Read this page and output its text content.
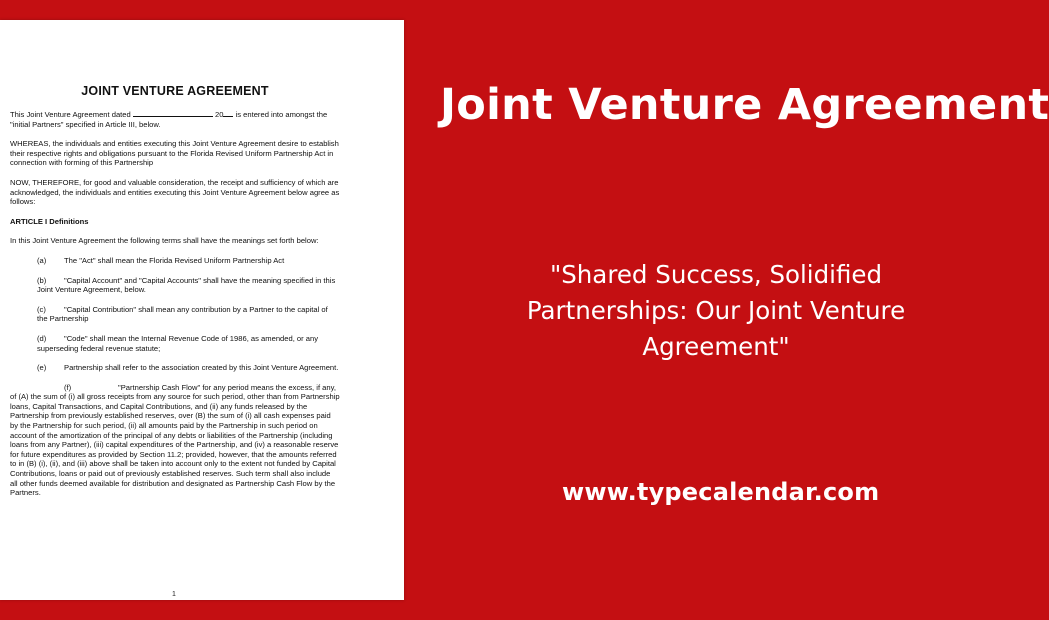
JOINT VENTURE AGREEMENT
This Joint Venture Agreement dated	20 is entered into amongst the "initial Partners" specified in Article III, below.
WHEREAS, the individuals and entities executing this Joint Venture Agreement desire to establish their respective rights and obligations pursuant to the Florida Revised Uniform Partnership Act in connection with forming of this Partnership
NOW, THEREFORE, for good and valuable consideration, the receipt and sufficiency of which are acknowledged, the individuals and entities executing this Joint Venture Agreement below agree as follows:
ARTICLE I Definitions
In this Joint Venture Agreement the following terms shall have the meanings set forth below:
(a) The "Act" shall mean the Florida Revised Uniform Partnership Act
(b) "Capital Account" and "Capital Accounts" shall have the meaning specified in this Joint Venture Agreement, below.
(c) "Capital Contribution" shall mean any contribution by a Partner to the capital of the Partnership
(d) "Code" shall mean the Internal Revenue Code of 1986, as amended, or any superseding federal revenue statute;
(e) Partnership shall refer to the association created by this Joint Venture Agreement.
(f)	"Partnership Cash Flow" for any period means the excess, if any, of (A) the sum of (i) all gross receipts from any source for such period, other than from Partnership loans, Capital Transactions, and Capital Contributions, and (ii) any funds released by the Partnership from previously established reserves, over (B) the sum of (i) all cash expenses paid by the Partnership for such period, (ii) all amounts paid by the Partnership in such period on account of the amortization of the principal of any debts or liabilities of the Partnership (including loans from any Partner), (iii) capital expenditures of the Partnership, and (iv) a reasonable reserve for future expenditures as provided by Section 11.2; provided, however, that the amounts referred to in (B) (i), (ii), and (iii) above shall be taken into account only to the extent not funded by Capital Contributions, loans or paid out of previously established reserves. Such term shall also include all other funds deemed available for distribution and designated as Partnership Cash Flow by the Partners.
1
Joint Venture Agreement
"Shared Success, Solidified Partnerships: Our Joint Venture Agreement"
www.typecalendar.com
